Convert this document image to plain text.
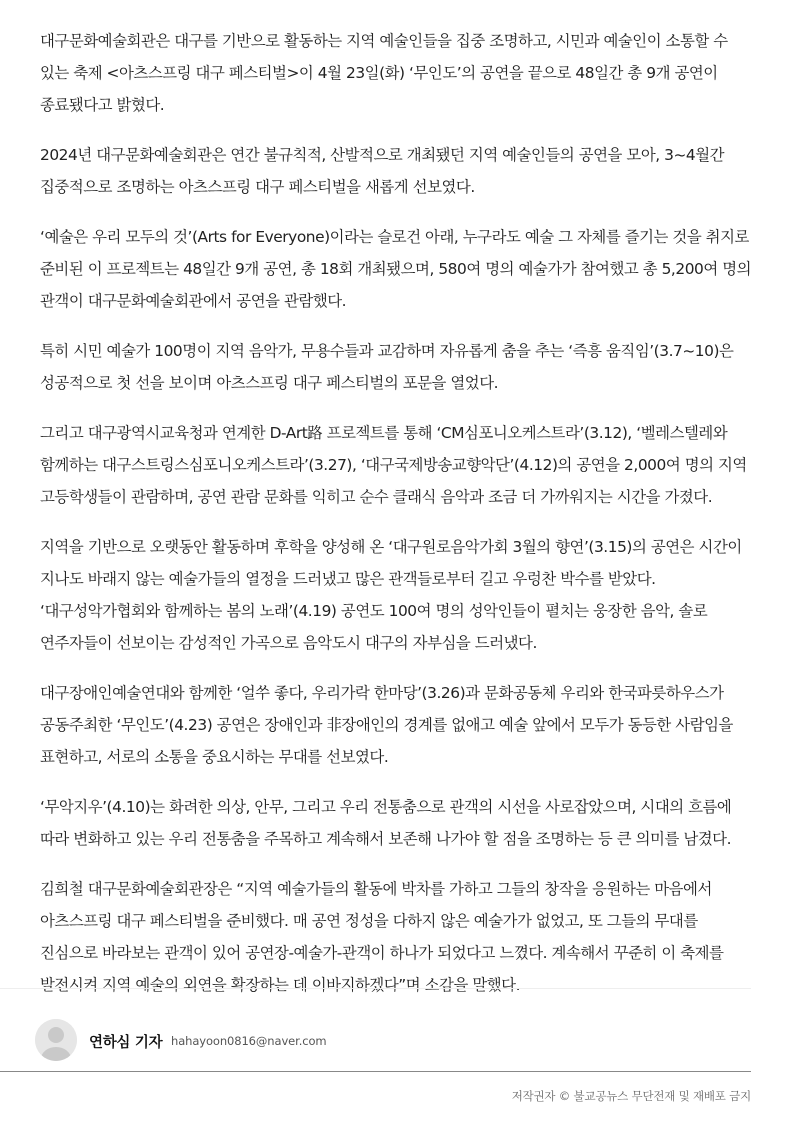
대구문화예술회관은 대구를 기반으로 활동하는 지역 예술인들을 집중 조명하고, 시민과 예술인이 소통할 수 있는 축제 <아츠스프링 대구 페스티벌>이 4월 23일(화) ‘무인도’의 공연을 끝으로 48일간 총 9개 공연이 종료됐다고 밝혔다.

2024년 대구문화예술회관은 연간 불규칙적, 산발적으로 개최됐던 지역 예술인들의 공연을 모아, 3~4월간 집중적으로 조명하는 아츠스프링 대구 페스티벌을 새롭게 선보였다.

‘예술은 우리 모두의 것’(Arts for Everyone)이라는 슬로건 아래, 누구라도 예술 그 자체를 즐기는 것을 취지로 준비된 이 프로젝트는 48일간 9개 공연, 총 18회 개최됐으며, 580여 명의 예술가가 참여했고 총 5,200여 명의 관객이 대구문화예술회관에서 공연을 관람했다.

특히 시민 예술가 100명이 지역 음악가, 무용수들과 교감하며 자유롭게 춤을 추는 ‘즉흥 움직임’(3.7~10)은 성공적으로 첫 선을 보이며 아츠스프링 대구 페스티벌의 포문을 열었다.

그리고 대구광역시교육청과 연계한 D-Art路 프로젝트를 통해 ‘CM심포니오케스트라’(3.12), ‘벨레스텔레와 함께하는 대구스트링스심포니오케스트라’(3.27), ‘대구국제방송교향악단’(4.12)의 공연을 2,000여 명의 지역 고등학생들이 관람하며, 공연 관람 문화를 익히고 순수 클래식 음악과 조금 더 가까워지는 시간을 가졌다.

지역을 기반으로 오랫동안 활동하며 후학을 양성해 온 ‘대구원로음악가회 3월의 향연’(3.15)의 공연은 시간이 지나도 바래지 않는 예술가들의 열정을 드러냈고 많은 관객들로부터 길고 우렁찬 박수를 받았다. ‘대구성악가협회와 함께하는 봄의 노래’(4.19) 공연도 100여 명의 성악인들이 펼치는 웅장한 음악, 솔로 연주자들이 선보이는 감성적인 가곡으로 음악도시 대구의 자부심을 드러냈다.

대구장애인예술연대와 함께한 ‘얼쑤 좋다, 우리가락 한마당’(3.26)과 문화공동체 우리와 한국파릇하우스가 공동주최한 ‘무인도’(4.23) 공연은 장애인과 非장애인의 경계를 없애고 예술 앞에서 모두가 동등한 사람임을 표현하고, 서로의 소통을 중요시하는 무대를 선보였다.

‘무악지우’(4.10)는 화려한 의상, 안무, 그리고 우리 전통춤으로 관객의 시선을 사로잡았으며, 시대의 흐름에 따라 변화하고 있는 우리 전통춤을 주목하고 계속해서 보존해 나가야 할 점을 조명하는 등 큰 의미를 남겼다.

김희철 대구문화예술회관장은 “지역 예술가들의 활동에 박차를 가하고 그들의 창작을 응원하는 마음에서 아츠스프링 대구 페스티벌을 준비했다. 매 공연 정성을 다하지 않은 예술가가 없었고, 또 그들의 무대를 진심으로 바라보는 관객이 있어 공연장-예술가-관객이 하나가 되었다고 느꼈다. 계속해서 꾸준히 이 축제를 발전시켜 지역 예술의 외연을 확장하는 데 이바지하겠다”며 소감을 말했다.

연하심 기자 hahayoon0816@naver.com
저작권자 © 불교공뉴스 무단전재 및 재배포 금지
